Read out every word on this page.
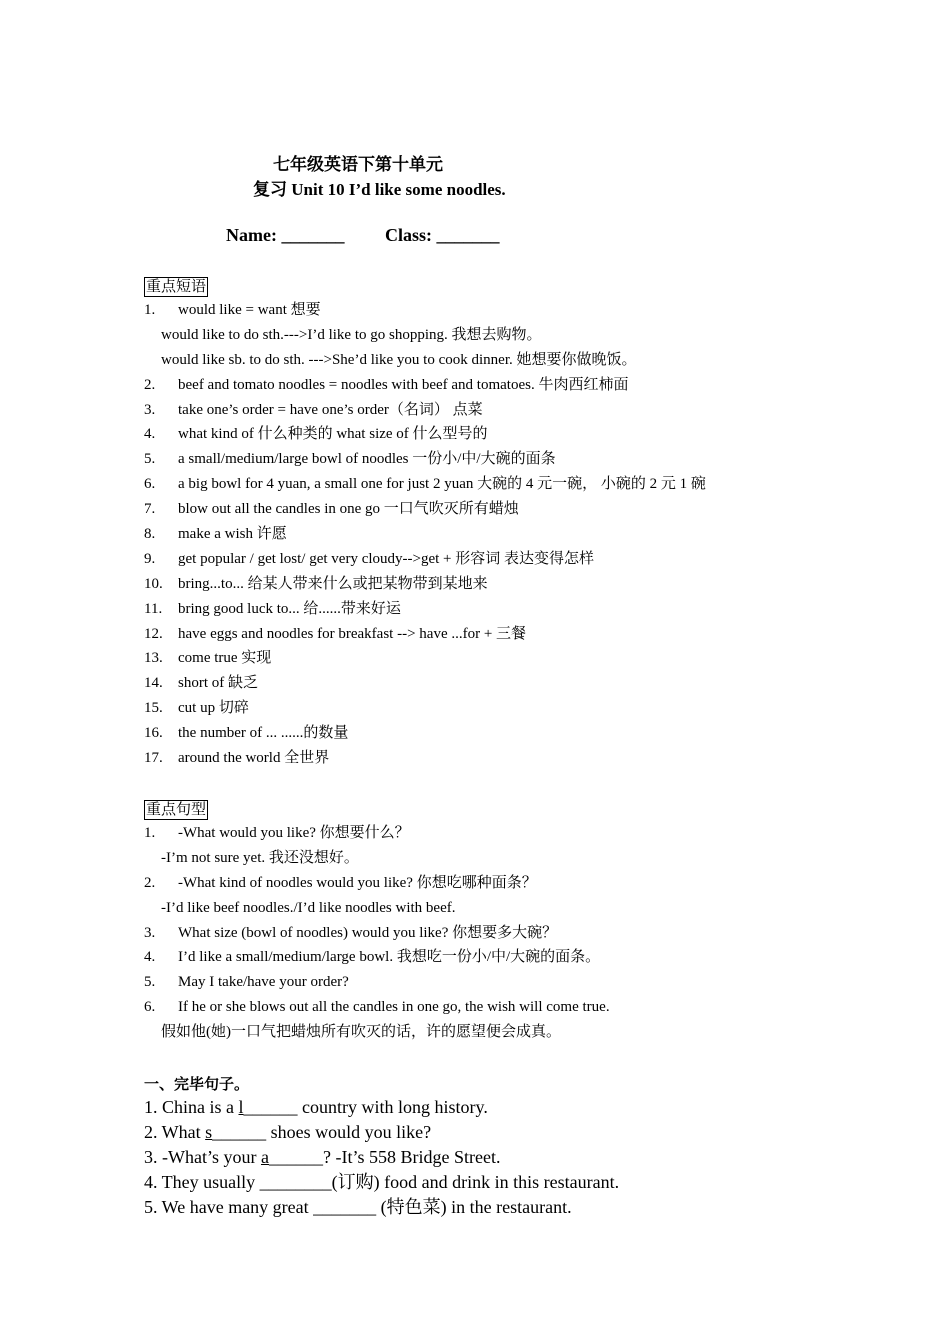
七年级英语下第十单元
复习 Unit 10 I’d like some noodles.
Name: _______ Class: _______
重点短语
1. would like = want 想要
would like to do sth.--->I’d like to go shopping. 我想去购物。
would like sb. to do sth. --->She’d like you to cook dinner. 她想要你做晚饭。
2. beef and tomato noodles = noodles with beef and tomatoes. 牛肉西红柿面
3. take one’s order = have one’s order（名词） 点菜
4. what kind of 什么种类的 what size of 什么型号的
5. a small/medium/large bowl of noodles 一份小/中/大碗的面条
6. a big bowl for 4 yuan, a small one for just 2 yuan 大碗的 4 元一碗， 小碗的 2 元 1 碗
7. blow out all the candles in one go 一口气吹灭所有蜡烛
8. make a wish 许愿
9. get popular / get lost/ get very cloudy-->get + 形容词 表达变得怎样
10. bring...to... 给某人带来什么或把某物带到某地来
11. bring good luck to... 给......带来好运
12. have eggs and noodles for breakfast --> have ...for + 三餐
13. come true 实现
14. short of 缺乏
15. cut up 切碎
16. the number of ... ......的数量
17. around the world 全世界
重点句型
1. -What would you like? 你想要什么？
-I’m not sure yet. 我还没想好。
2. -What kind of noodles would you like? 你想吃哪种面条？
-I’d like beef noodles./I’d like noodles with beef.
3. What size (bowl of noodles) would you like? 你想要多大碗？
4. I’d like a small/medium/large bowl. 我想吃一份小/中/大碗的面条。
5. May I take/have your order?
6. If he or she blows out all the candles in one go, the wish will come true.
假如他(她)一口气把蜡烛所有吹灭的话，许的愿望便会成真。
一、完毕句子。
1. China is a l______ country with long history.
2. What s______ shoes would you like?
3. -What’s your a______? -It’s 558 Bridge Street.
4. They usually ________(订购) food and drink in this restaurant.
5. We have many great _______ (特色菜) in the restaurant.
